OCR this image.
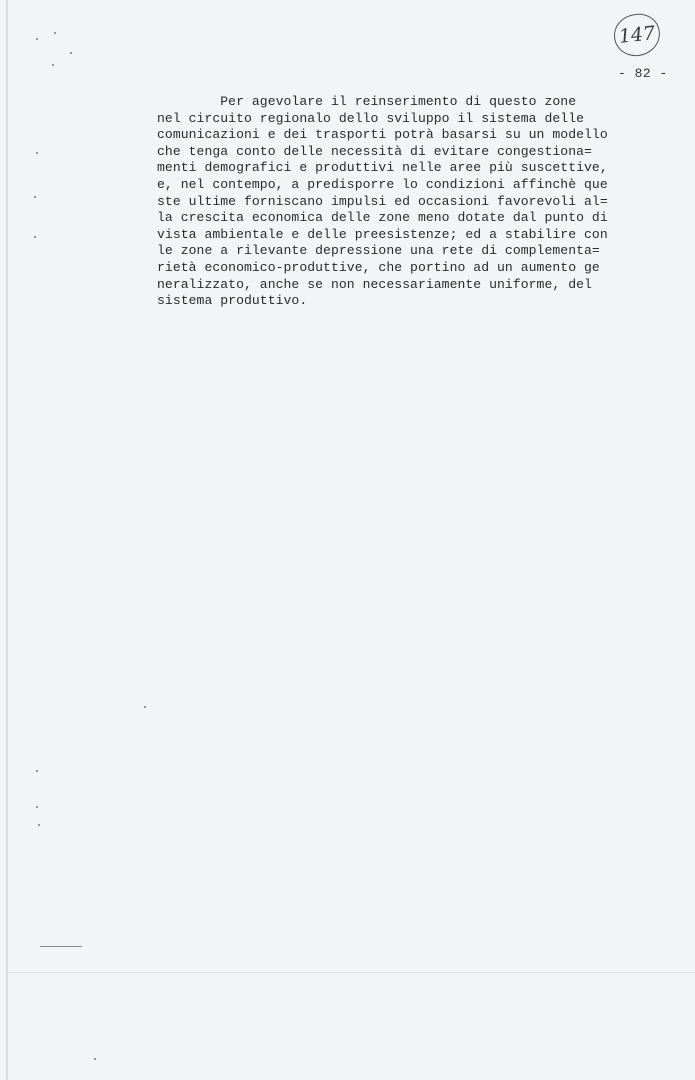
147
- 82 -
Per agevolare il reinserimento di questo zone
nel circuito regionalo dello sviluppo il sistema delle
comunicazioni e dei trasporti potrà basarsi su un modello
che tenga conto delle necessità di evitare congestiona=
menti demografici e produttivi nelle aree più suscettive,
e, nel contempo, a predisporre lo condizioni affinchè que
ste ultime forniscano impulsi ed occasioni favorevoli al=
la crescita economica delle zone meno dotate dal punto di
vista ambientale e delle preesistenze; ed a stabilire con
le zone a rilevante depressione una rete di complementa=
rietà economico-produttive, che portino ad un aumento ge
neralizzato, anche se non necessariamente uniforme, del
sistema produttivo.
